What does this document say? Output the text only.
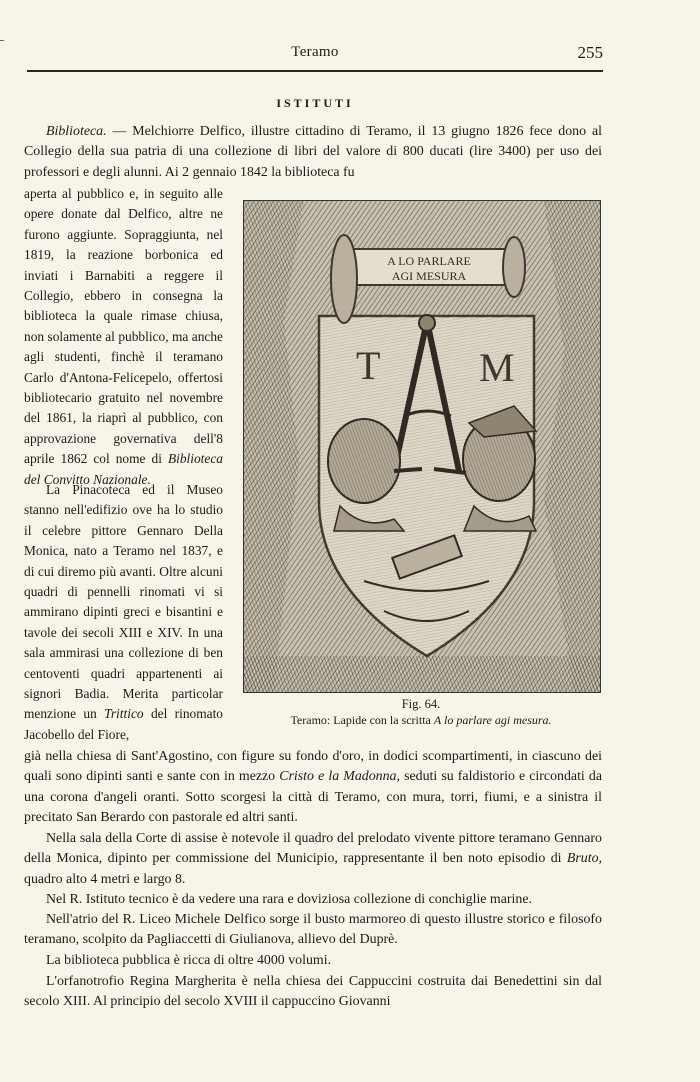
Teramo	255
ISTITUTI
Biblioteca. — Melchiorre Delfico, illustre cittadino di Teramo, il 13 giugno 1826 fece dono al Collegio della sua patria di una collezione di libri del valore di 800 ducati (lire 3400) per uso dei professori e degli alunni. Ai 2 gennaio 1842 la biblioteca fu
aperta al pubblico e, in seguito alle opere donate dal Delfico, altre ne furono aggiunte. Sopraggiunta, nel 1819, la reazione borbonica ed inviati i Barnabiti a reggere il Collegio, ebbero in consegna la biblioteca la quale rimase chiusa, non solamente al pubblico, ma anche agli studenti, finchè il teramano Carlo d'Antona-Felicepelo, offertosi bibliotecario gratuito nel novembre del 1861, la riaprì al pubblico, con approvazione governativa dell'8 aprile 1862 col nome di Biblioteca del Convitto Nazionale.
La Pinacoteca ed il Museo stanno nell'edifizio ove ha lo studio il celebre pittore Gennaro Della Monica, nato a Teramo nel 1837, e di cui diremo più avanti. Oltre alcuni quadri di pennelli rinomati vi si ammirano dipinti greci e bisantini e tavole dei secoli XIII e XIV. In una sala ammirasi una collezione di ben centoventi quadri appartenenti ai signori Badia. Merita particolar menzione un Trittico del rinomato Jacobello del Fiore,
A LO PARLARE
AGI MESURA
T M
Fig. 64.
Teramo: Lapide con la scritta A lo parlare agi mesura.
già nella chiesa di Sant'Agostino, con figure su fondo d'oro, in dodici scompartimenti, in ciascuno dei quali sono dipinti santi e sante con in mezzo Cristo e la Madonna, seduti su faldistorio e circondati da una corona d'angeli oranti. Sotto scorgesi la città di Teramo, con mura, torri, fiumi, e a sinistra il precitato San Berardo con pastorale ed altri santi.
Nella sala della Corte di assise è notevole il quadro del prelodato vivente pittore teramano Gennaro della Monica, dipinto per commissione del Municipio, rappresentante il ben noto episodio di Bruto, quadro alto 4 metri e largo 8.
Nel R. Istituto tecnico è da vedere una rara e doviziosa collezione di conchiglie marine.
Nell'atrio del R. Liceo Michele Delfico sorge il busto marmoreo di questo illustre storico e filosofo teramano, scolpito da Pagliaccetti di Giulianova, allievo del Duprè.
La biblioteca pubblica è ricca di oltre 4000 volumi.
L'orfanotrofio Regina Margherita è nella chiesa dei Cappuccini costruita dai Benedettini sin dal secolo XIII. Al principio del secolo XVIII il cappuccino Giovanni
